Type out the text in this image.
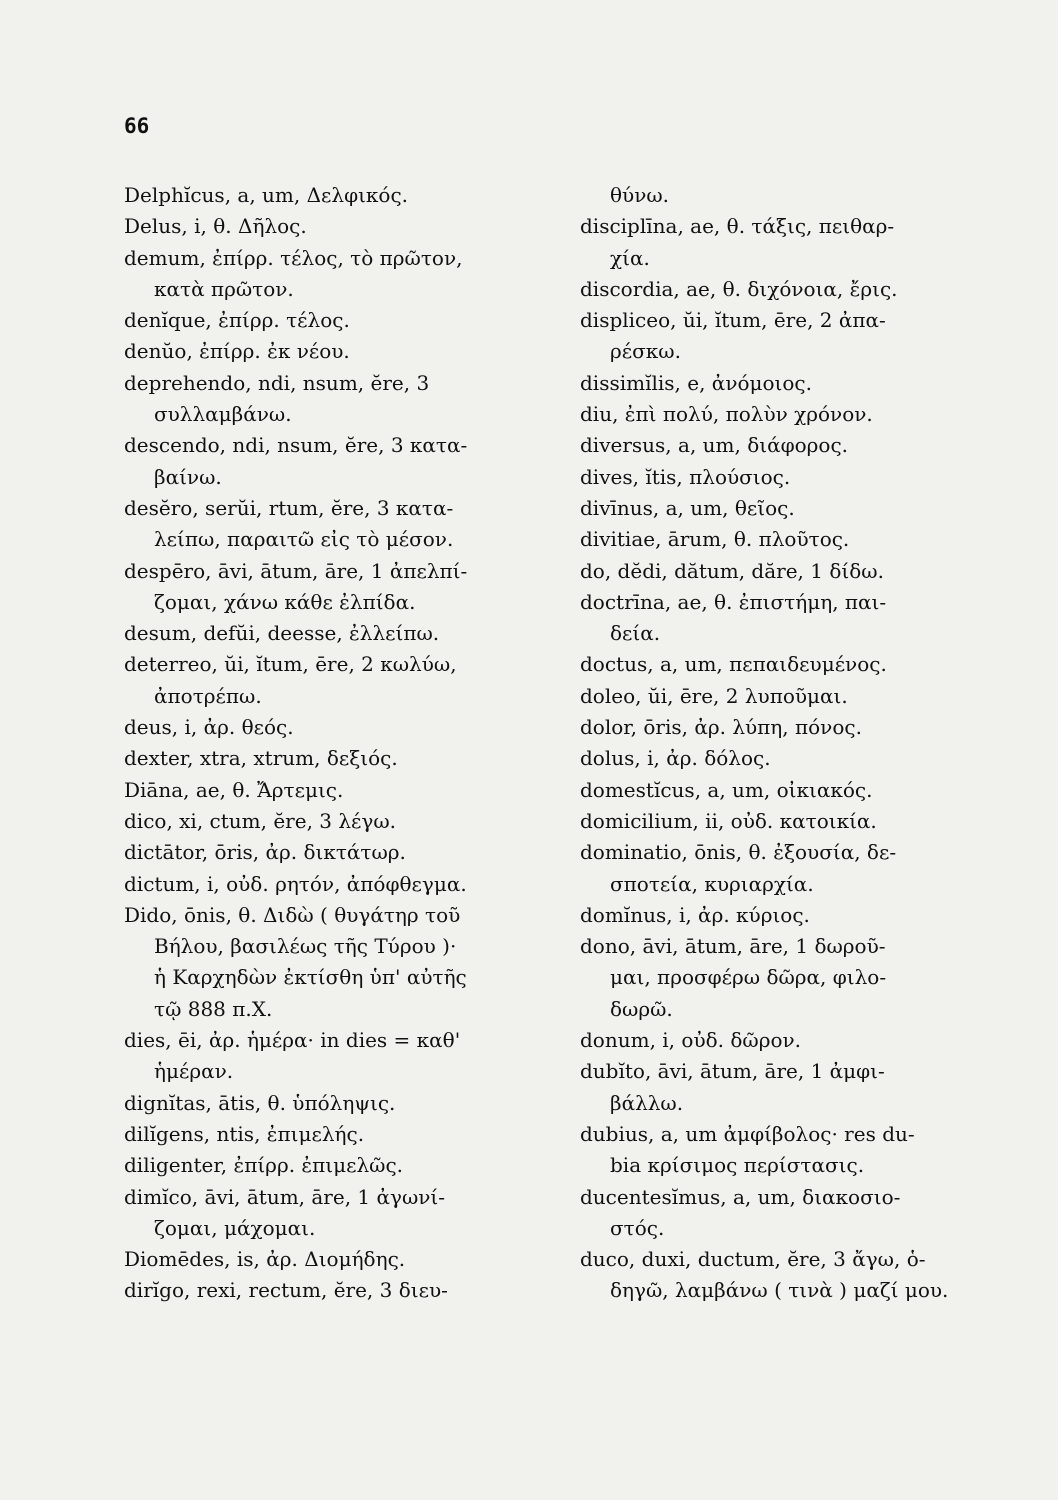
66
Delphĭcus, a, um, Δελφικός.
Delus, i, θ. Δῆλος.
demum, ἐπίρρ. τέλος, τὸ πρῶτον,
κατὰ πρῶτον.
denĭque, ἐπίρρ. τέλος.
denŭo, ἐπίρρ. ἐκ νέου.
deprehendo, ndi, nsum, ĕre, 3
συλλαμβάνω.
descendo, ndi, nsum, ĕre, 3 κατα-
βαίνω.
desĕro, serŭi, rtum, ĕre, 3 κατα-
λείπω, παραιτῶ εἰς τὸ μέσον.
despēro, āvi, ātum, āre, 1 ἀπελπί-
ζομαι, χάνω κάθε ἐλπίδα.
desum, defŭi, deesse, ἐλλείπω.
deterreo, ŭi, ĭtum, ēre, 2 κωλύω,
ἀποτρέπω.
deus, i, ἀρ. θεός.
dexter, xtra, xtrum, δεξιός.
Diāna, ae, θ. Ἄρτεμις.
dico, xi, ctum, ĕre, 3 λέγω.
dictātor, ōris, ἀρ. δικτάτωρ.
dictum, i, οὐδ. ρητόν, ἀπόφθεγμα.
Dido, ōnis, θ. Διδὼ ( θυγάτηρ τοῦ
Βήλου, βασιλέως τῆς Τύρου )·
ἡ Καρχηδὼν ἐκτίσθη ὑπ' αὐτῆς
τῷ 888 π.Χ.
dies, ēi, ἀρ. ἡμέρα· in dies = καθ'
ἡμέραν.
dignĭtas, ātis, θ. ὑπόληψις.
dilĭgens, ntis, ἐπιμελής.
diligenter, ἐπίρρ. ἐπιμελῶς.
dimĭco, āvi, ātum, āre, 1 ἀγωνί-
ζομαι, μάχομαι.
Diomēdes, is, ἀρ. Διομήδης.
dirĭgo, rexi, rectum, ĕre, 3 διευ-
θύνω.
disciplīna, ae, θ. τάξις, πειθαρ-
χία.
discordia, ae, θ. διχόνοια, ἔρις.
displiceo, ŭi, ĭtum, ēre, 2 ἀπα-
ρέσκω.
dissimĭlis, e, ἀνόμοιος.
diu, ἐπὶ πολύ, πολὺν χρόνον.
diversus, a, um, διάφορος.
dives, ĭtis, πλούσιος.
divīnus, a, um, θεῖος.
divitiae, ārum, θ. πλοῦτος.
do, dĕdi, dătum, dăre, 1 δίδω.
doctrīna, ae, θ. ἐπιστήμη, παι-
δεία.
doctus, a, um, πεπαιδευμένος.
doleo, ŭi, ēre, 2 λυποῦμαι.
dolor, ōris, ἀρ. λύπη, πόνος.
dolus, i, ἀρ. δόλος.
domestĭcus, a, um, οἰκιακός.
domicilium, ii, οὐδ. κατοικία.
dominatio, ōnis, θ. ἐξουσία, δε-
σποτεία, κυριαρχία.
domĭnus, i, ἀρ. κύριος.
dono, āvi, ātum, āre, 1 δωροῦ-
μαι, προσφέρω δῶρα, φιλο-
δωρῶ.
donum, i, οὐδ. δῶρον.
dubĭto, āvi, ātum, āre, 1 ἀμφι-
βάλλω.
dubius, a, um ἀμφίβολος· res du-
bia κρίσιμος περίστασις.
ducentesĭmus, a, um, διακοσιο-
στός.
duco, duxi, ductum, ĕre, 3 ἄγω, ὁ-
δηγῶ, λαμβάνω ( τινὰ ) μαζί μου.
